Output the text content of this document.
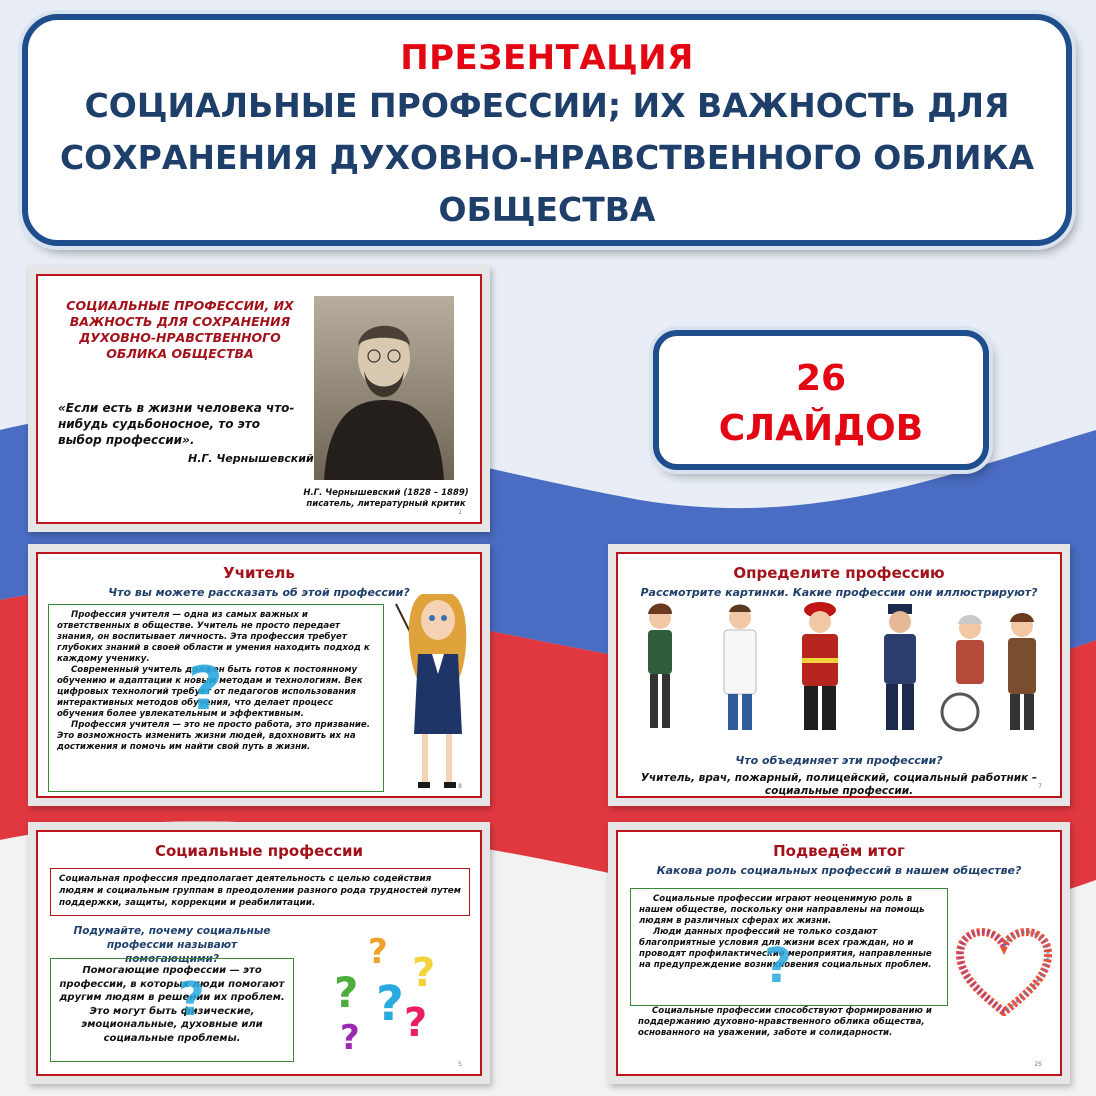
ПРЕЗЕНТАЦИЯ
СОЦИАЛЬНЫЕ ПРОФЕССИИ; ИХ ВАЖНОСТЬ ДЛЯ
СОХРАНЕНИЯ ДУХОВНО-НРАВСТВЕННОГО ОБЛИКА
ОБЩЕСТВА
26
СЛАЙДОВ
СОЦИАЛЬНЫЕ ПРОФЕССИИ, ИХ
ВАЖНОСТЬ ДЛЯ СОХРАНЕНИЯ
ДУХОВНО-НРАВСТВЕННОГО
ОБЛИКА ОБЩЕСТВА
«Если есть в жизни человека что-
нибудь судьбоносное, то это
выбор профессии».
Н.Г. Чернышевский
Н.Г. Чернышевский (1828 – 1889)
писатель, литературный критик
1
Учитель
Что вы можете рассказать об этой профессии?
Профессия учителя — одна из самых важных и ответственных в обществе. Учитель не просто передает знания, он воспитывает личность. Эта профессия требует глубоких знаний в своей области и умения находить подход к каждому ученику.
Современный учитель должен быть готов к постоянному обучению и адаптации к новым методам и технологиям. Век цифровых технологий требует от педагогов использования интерактивных методов обучения, что делает процесс обучения более увлекательным и эффективным.
Профессия учителя — это не просто работа, это призвание. Это возможность изменить жизни людей, вдохновить их на достижения и помочь им найти свой путь в жизни.
?
8
Определите профессию
Рассмотрите картинки. Какие профессии они иллюстрируют?
Что объединяет эти профессии?
Учитель, врач, пожарный, полицейский, социальный работник –
социальные профессии.	7
Социальные профессии
Социальная профессия предполагает деятельность с целью содействия людям и социальным группам в преодолении разного рода трудностей путем поддержки, защиты, коррекции и реабилитации.
Подумайте, почему социальные
профессии называют помогающими?
Помогающие профессии — это профессии, в которых люди помогают другим людям в решении их проблем. Это могут быть физические, эмоциональные, духовные или социальные проблемы.
?
? ?
? ? ?
?
5
Подведём итог
Какова роль социальных профессий в нашем обществе?
Социальные профессии играют неоценимую роль в нашем обществе, поскольку они направлены на помощь людям в различных сферах их жизни.
Люди данных профессий не только создают благоприятные условия для жизни всех граждан, но и проводят профилактические мероприятия, направленные на предупреждение возникновения социальных проблем.
Социальные профессии способствуют формированию и поддержанию духовно-нравственного облика общества, основанного на уважении, заботе и солидарности.
?
25
